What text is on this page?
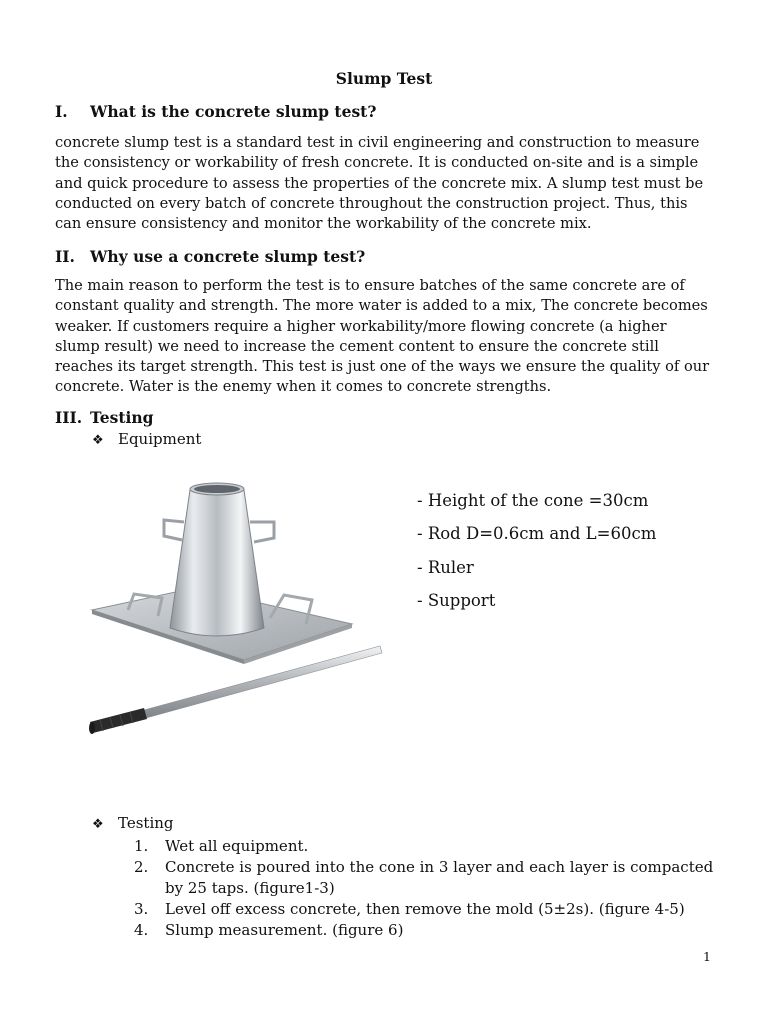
Slump Test
I. What is the concrete slump test?
concrete slump test is a standard test in civil engineering and construction to measure the consistency or workability of fresh concrete. It is conducted on-site and is a simple and quick procedure to assess the properties of the concrete mix. A slump test must be conducted on every batch of concrete throughout the construction project. Thus, this can ensure consistency and monitor the workability of the concrete mix.
II. Why use a concrete slump test?
The main reason to perform the test is to ensure batches of the same concrete are of constant quality and strength. The more water is added to a mix, The concrete becomes weaker. If customers require a higher workability/more flowing concrete (a higher slump result) we need to increase the cement content to ensure the concrete still reaches its target strength. This test is just one of the ways we ensure the quality of our concrete. Water is the enemy when it comes to concrete strengths.
III. Testing
❖ Equipment
- Height of the cone =30cm
- Rod D=0.6cm and L=60cm
- Ruler
- Support
❖ Testing
1.	Wet all equipment.
2.	Concrete is poured into the cone in 3 layer and each layer is compacted by 25 taps. (figure1-3)
3.	Level off excess concrete, then remove the mold (5±2s). (figure 4-5)
4.	Slump measurement. (figure 6)
1
